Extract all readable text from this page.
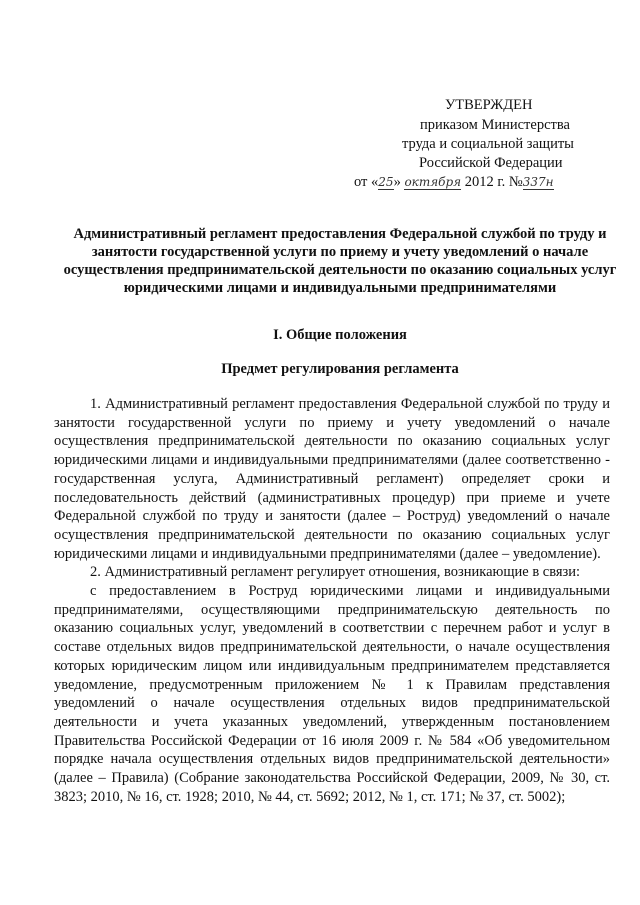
УТВЕРЖДЕН
приказом Министерства
труда и социальной защиты
Российской Федерации
от «25» октября 2012 г. №337н
Административный регламент предоставления Федеральной службой по труду и занятости государственной услуги по приему и учету уведомлений о начале осуществления предпринимательской деятельности по оказанию социальных услуг юридическими лицами и индивидуальными предпринимателями
I. Общие положения
Предмет регулирования регламента

1. Административный регламент предоставления Федеральной службой по труду и занятости государственной услуги по приему и учету уведомлений о начале осуществления предпринимательской деятельности по оказанию социальных услуг юридическими лицами и индивидуальными предпринимателями (далее соответственно - государственная услуга, Административный регламент) определяет сроки и последовательность действий (административных процедур) при приеме и учете Федеральной службой по труду и занятости (далее – Роструд) уведомлений о начале осуществления предпринимательской деятельности по оказанию социальных услуг юридическими лицами и индивидуальными предпринимателями (далее – уведомление).

2. Административный регламент регулирует отношения, возникающие в связи:

с предоставлением в Роструд юридическими лицами и индивидуальными предпринимателями, осуществляющими предпринимательскую деятельность по оказанию социальных услуг, уведомлений в соответствии с перечнем работ и услуг в составе отдельных видов предпринимательской деятельности, о начале осуществления которых юридическим лицом или индивидуальным предпринимателем представляется уведомление, предусмотренным приложением № 1 к Правилам представления уведомлений о начале осуществления отдельных видов предпринимательской деятельности и учета указанных уведомлений, утвержденным постановлением Правительства Российской Федерации от 16 июля 2009 г. № 584 «Об уведомительном порядке начала осуществления отдельных видов предпринимательской деятельности» (далее – Правила) (Собрание законодательства Российской Федерации, 2009, № 30, ст. 3823; 2010, № 16, ст. 1928; 2010, № 44, ст. 5692; 2012, № 1, ст. 171; № 37, ст. 5002);
